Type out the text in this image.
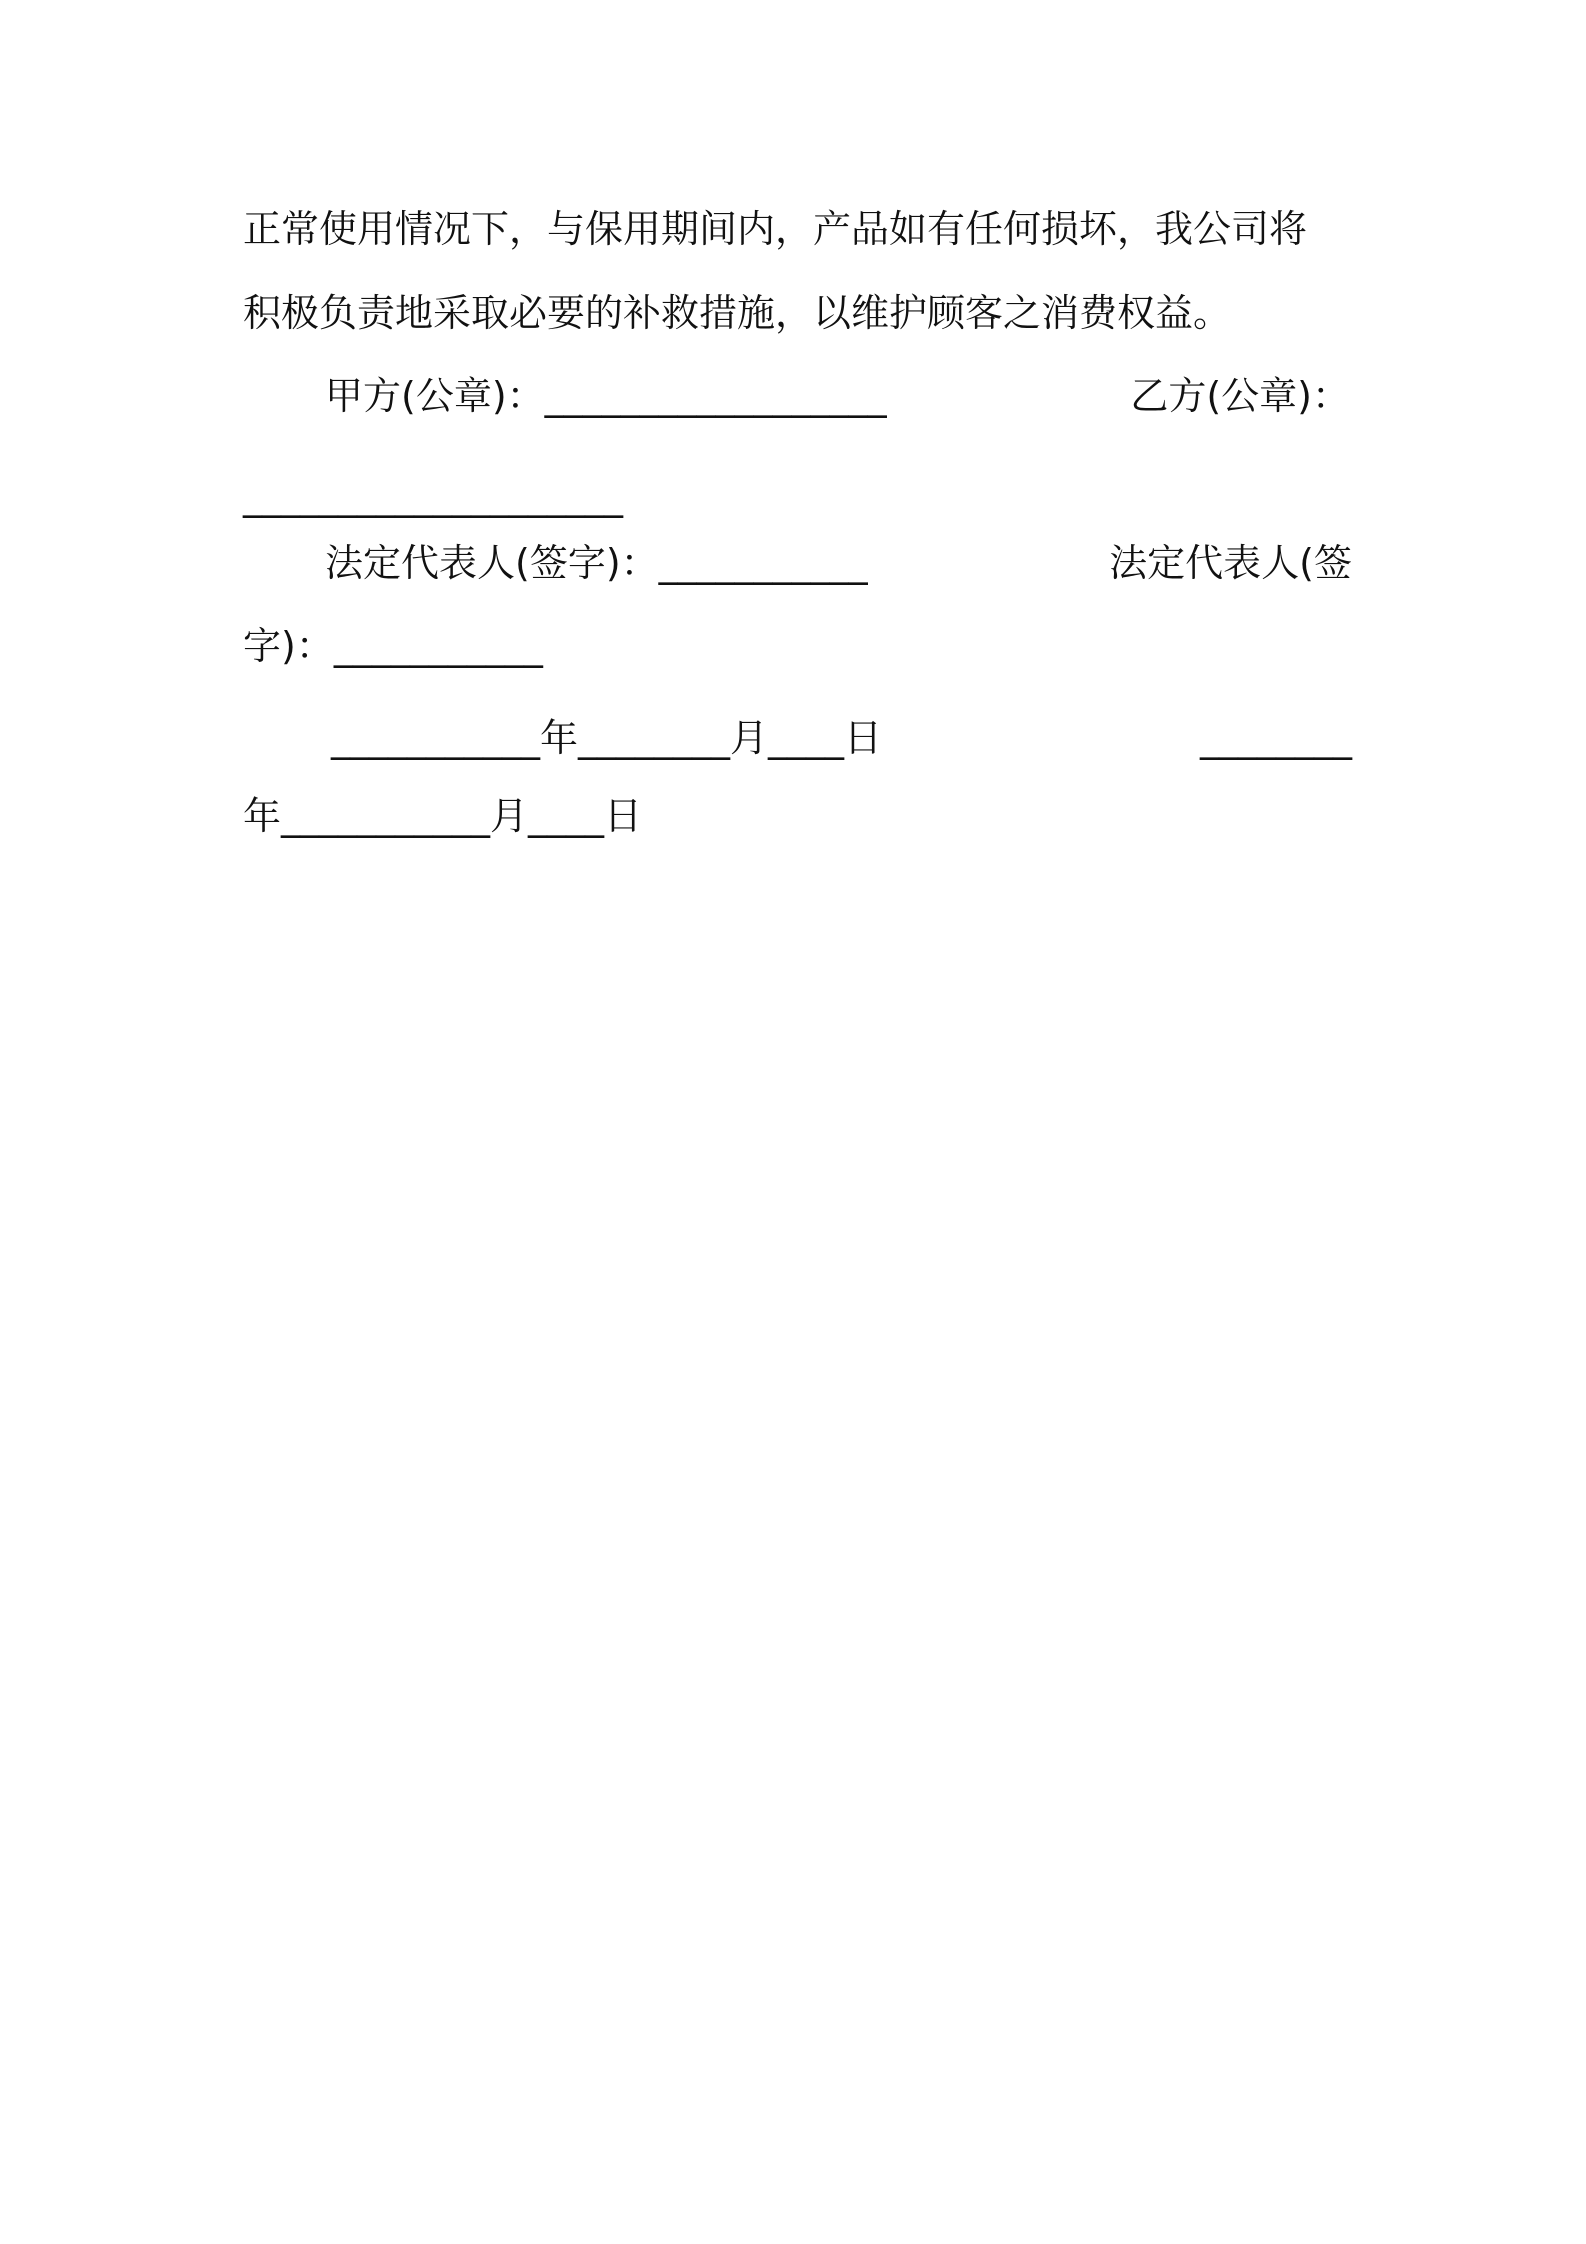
正常使用情况下，与保用期间内，产品如有任何损坏，我公司将
积极负责地采取必要的补救措施，以维护顾客之消费权益。
甲方(公章)：__________________	乙方(公章)：
____________________
法定代表人(签字)：___________	法定代表人(签
字)：___________
___________年________月____日	________
年___________月____日
